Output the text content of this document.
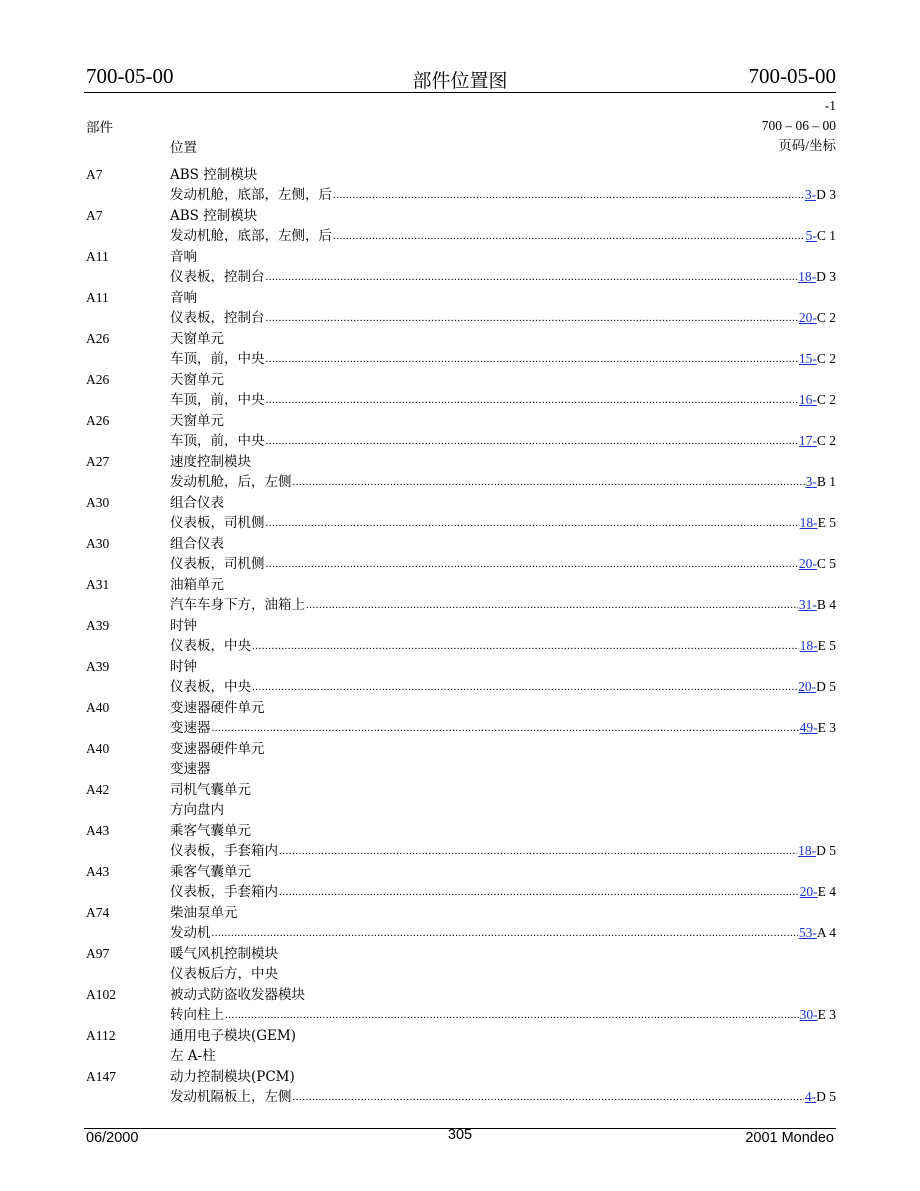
700-05-00	部件位置图	700-05-00
-1
部件	700 – 06 – 00
位置	页码/坐标
A7	ABS 控制模块
发动机舱，底部，左侧，后 .....	3-D 3
A7	ABS 控制模块
发动机舱，底部，左侧，后 .....	5-C 1
A11	音响
仪表板，控制台 .....	18-D 3
A11	音响
仪表板，控制台 .....	20-C 2
A26	天窗单元
车顶，前，中央 .....	15-C 2
A26	天窗单元
车顶，前，中央 .....	16-C 2
A26	天窗单元
车顶，前，中央 .....	17-C 2
A27	速度控制模块
发动机舱，后，左侧 .....	3-B 1
A30	组合仪表
仪表板，司机侧 .....	18-E 5
A30	组合仪表
仪表板，司机侧 .....	20-C 5
A31	油箱单元
汽车车身下方，油箱上 .....	31-B 4
A39	时钟
仪表板，中央 .....	18-E 5
A39	时钟
仪表板，中央 .....	20-D 5
A40	变速器硬件单元
变速器 .....	49-E 3
A40	变速器硬件单元
变速器
A42	司机气囊单元
方向盘内
A43	乘客气囊单元
仪表板，手套箱内 .....	18-D 5
A43	乘客气囊单元
仪表板，手套箱内 .....	20-E 4
A74	柴油泵单元
发动机 .....	53-A 4
A97	暖气风机控制模块
仪表板后方，中央
A102	被动式防盗收发器模块
转向柱上 .....	30-E 3
A112	通用电子模块(GEM)
左 A-柱
A147	动力控制模块(PCM)
发动机隔板上，左侧 .....	4-D 5
06/2000	305	2001 Mondeo
